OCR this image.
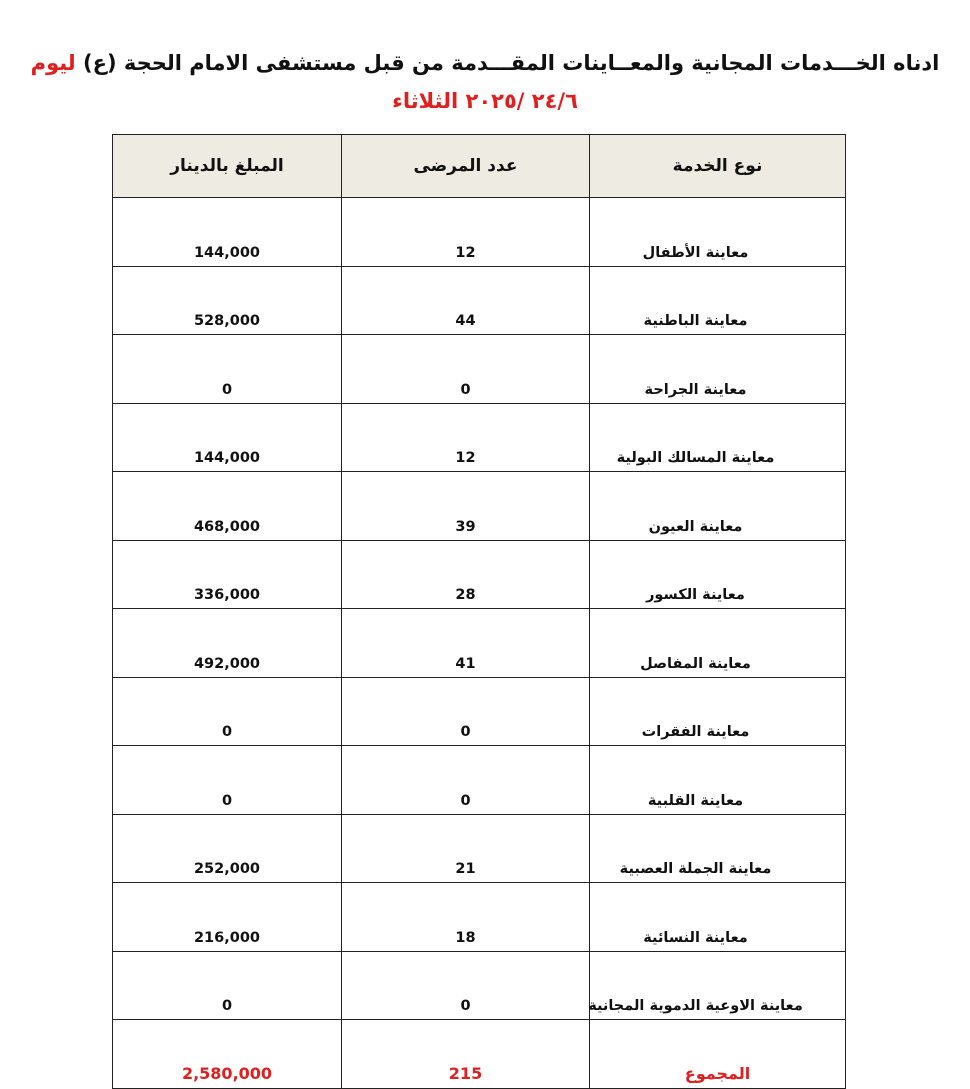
ادناه الخـــدمات المجانية والمعــاينات المقـــدمة من قبل مستشفى الامام الحجة (ع) ليوم
٢٤/٦ /٢٠٢٥ الثلاثاء
المبلغ بالدينار	عدد المرضى	نوع الخدمة
144,000	12	معاينة الأطفال
528,000	44	معاينة الباطنية
0	0	معاينة الجراحة
144,000	12	معاينة المسالك البولية
468,000	39	معاينة العيون
336,000	28	معاينة الكسور
492,000	41	معاينة المفاصل
0	0	معاينة الفقرات
0	0	معاينة القلبية
252,000	21	معاينة الجملة العصبية
216,000	18	معاينة النسائية
0	0	معاينة الاوعية الدموية المجانية
2,580,000	215	المجموع
